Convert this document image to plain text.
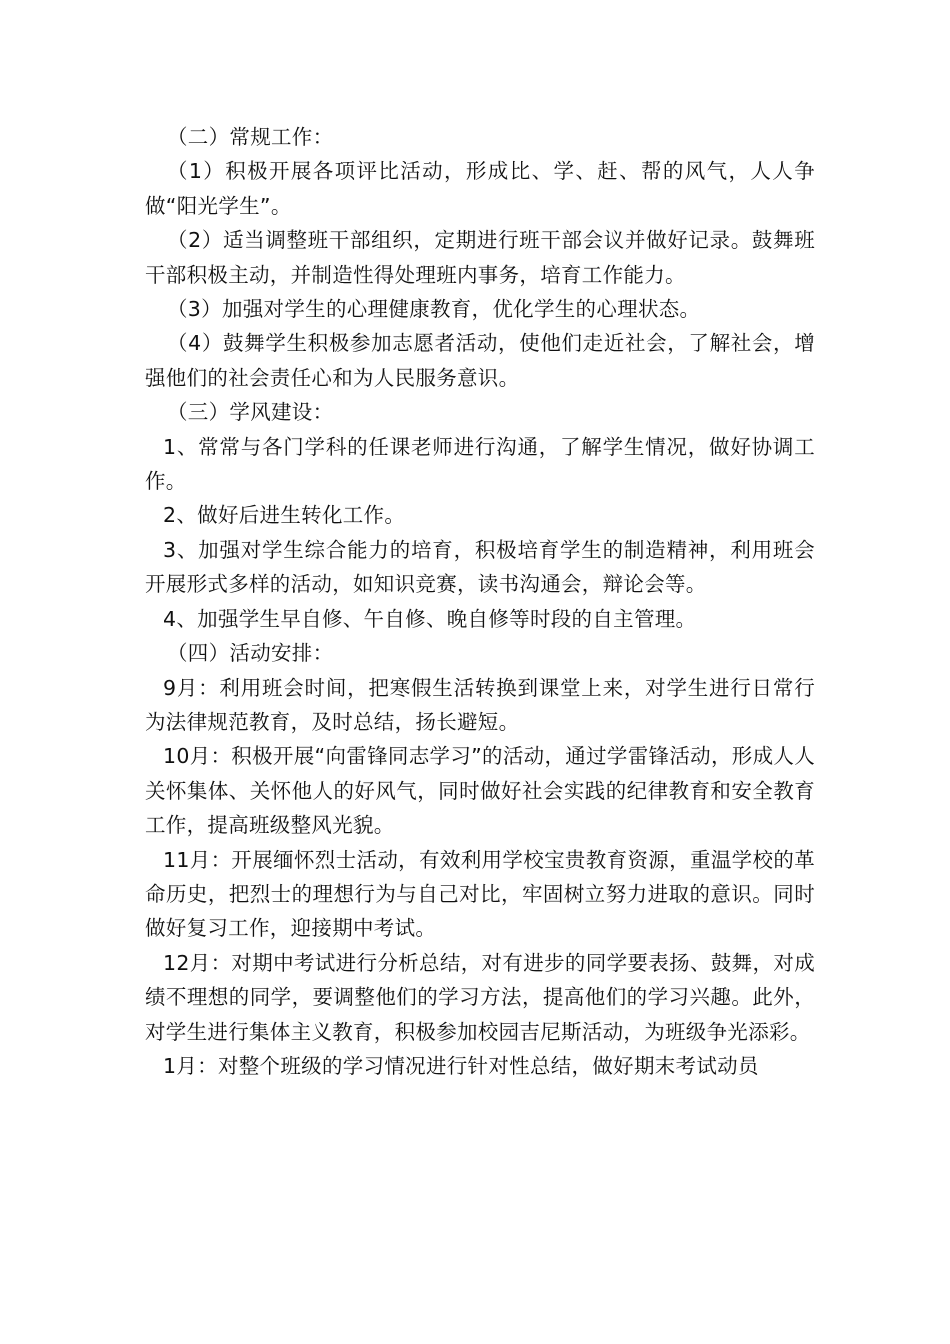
（二）常规工作：

（1）积极开展各项评比活动，形成比、学、赶、帮的风气，人人争做“阳光学生”。

（2）适当调整班干部组织，定期进行班干部会议并做好记录。鼓舞班干部积极主动，并制造性得处理班内事务，培育工作能力。

（3）加强对学生的心理健康教育，优化学生的心理状态。

（4）鼓舞学生积极参加志愿者活动，使他们走近社会，了解社会，增强他们的社会责任心和为人民服务意识。

（三）学风建设：

1、常常与各门学科的任课老师进行沟通，了解学生情况，做好协调工作。

2、做好后进生转化工作。

3、加强对学生综合能力的培育，积极培育学生的制造精神，利用班会开展形式多样的活动，如知识竞赛，读书沟通会，辩论会等。

4、加强学生早自修、午自修、晚自修等时段的自主管理。

（四）活动安排：

9月：利用班会时间，把寒假生活转换到课堂上来，对学生进行日常行为法律规范教育，及时总结，扬长避短。

10月：积极开展“向雷锋同志学习”的活动，通过学雷锋活动，形成人人关怀集体、关怀他人的好风气，同时做好社会实践的纪律教育和安全教育工作，提高班级整风光貌。

11月：开展缅怀烈士活动，有效利用学校宝贵教育资源，重温学校的革命历史，把烈士的理想行为与自己对比，牢固树立努力进取的意识。同时做好复习工作，迎接期中考试。

12月：对期中考试进行分析总结，对有进步的同学要表扬、鼓舞，对成绩不理想的同学，要调整他们的学习方法，提高他们的学习兴趣。此外，对学生进行集体主义教育，积极参加校园吉尼斯活动，为班级争光添彩。

1月：对整个班级的学习情况进行针对性总结，做好期末考试动员
